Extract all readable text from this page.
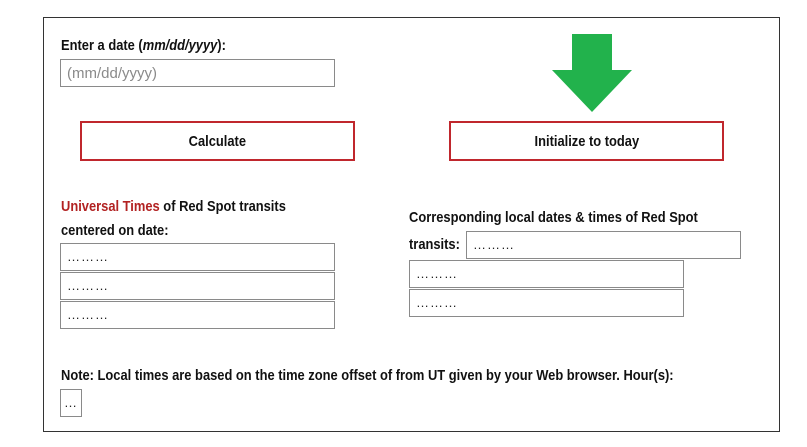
Enter a date (mm/dd/yyyy):
(mm/dd/yyyy)
Calculate	Initialize to today
Universal Times of Red Spot transits
centered on date:
………
………
………
Corresponding local dates & times of Red Spot
transits:	………
………
………
Note: Local times are based on the time zone offset of from UT given by your Web browser. Hour(s):
…
